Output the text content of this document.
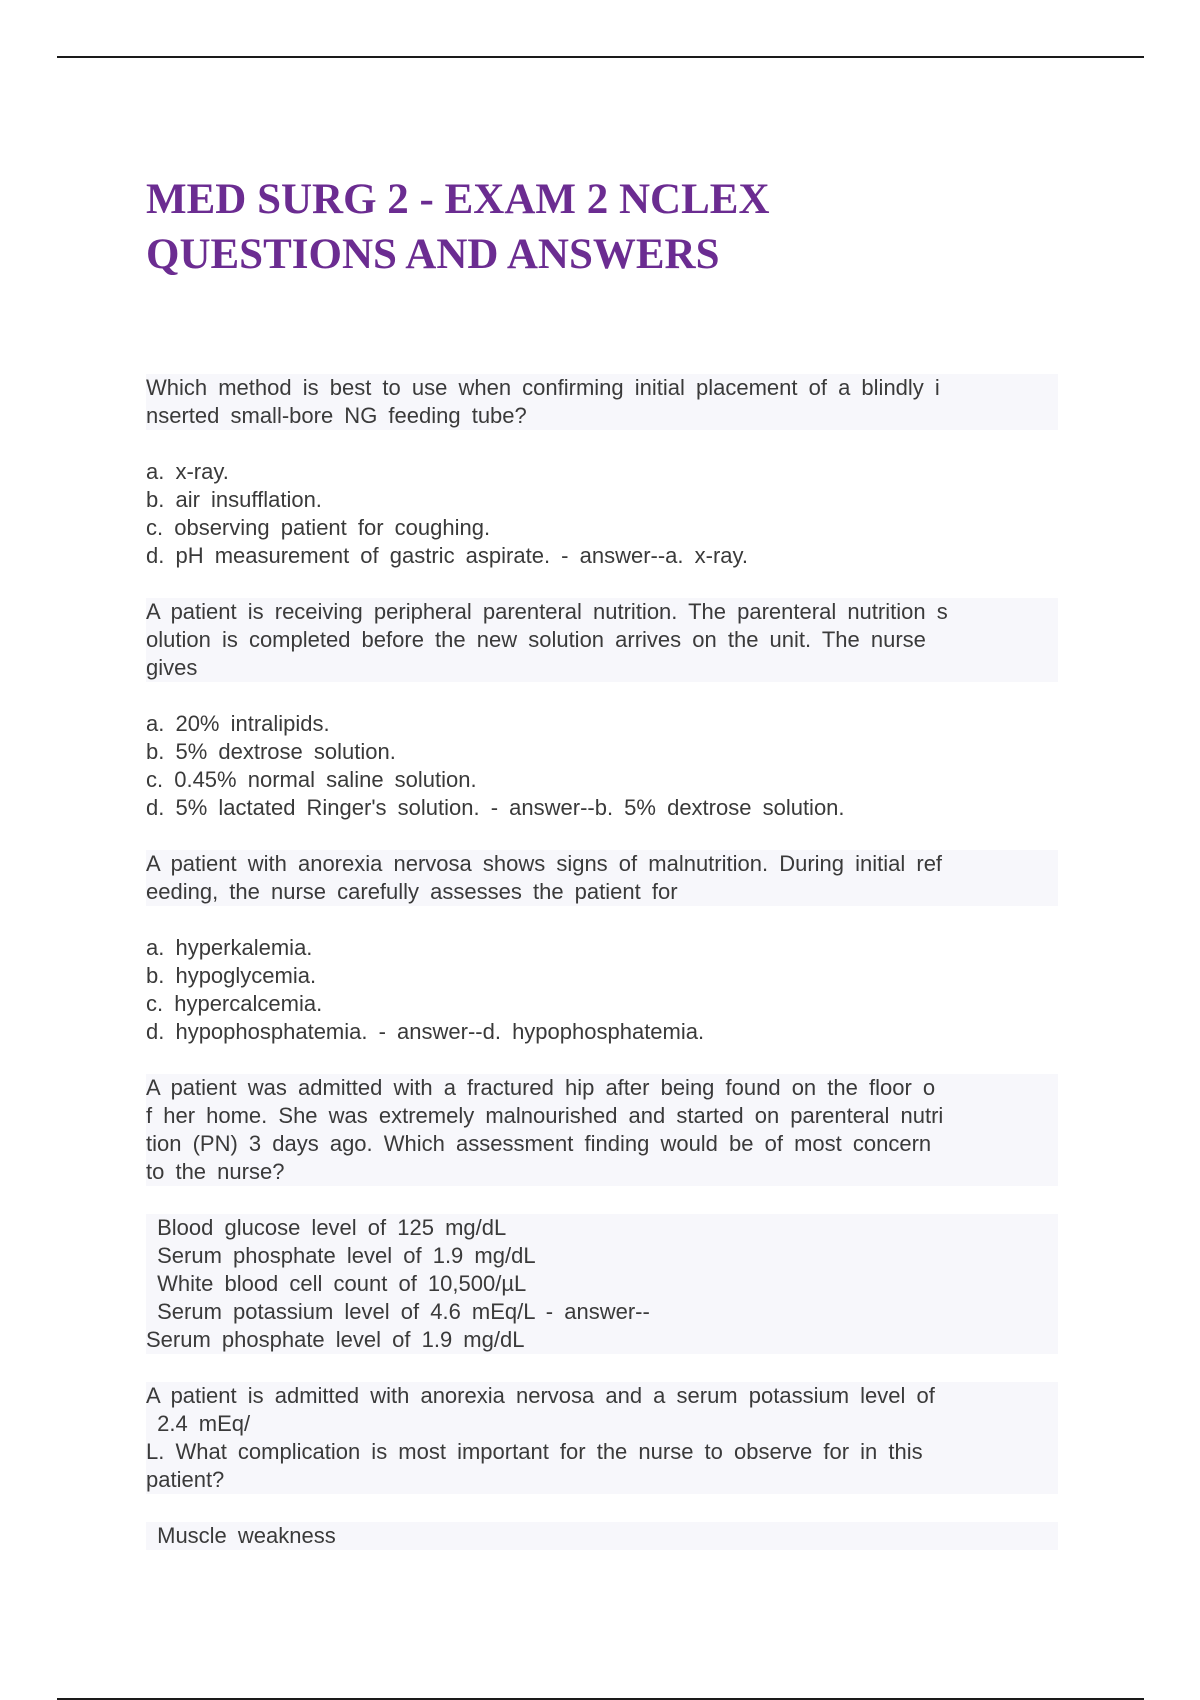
MED SURG 2 - EXAM 2 NCLEX
QUESTIONS AND ANSWERS
Which method is best to use when confirming initial placement of a blindly i
nserted small-bore NG feeding tube?
a. x-ray.
b. air insufflation.
c. observing patient for coughing.
d. pH measurement of gastric aspirate. - answer--a. x-ray.
A patient is receiving peripheral parenteral nutrition. The parenteral nutrition s
olution is completed before the new solution arrives on the unit. The nurse
gives
a. 20% intralipids.
b. 5% dextrose solution.
c. 0.45% normal saline solution.
d. 5% lactated Ringer's solution. - answer--b. 5% dextrose solution.
A patient with anorexia nervosa shows signs of malnutrition. During initial ref
eeding, the nurse carefully assesses the patient for
a. hyperkalemia.
b. hypoglycemia.
c. hypercalcemia.
d. hypophosphatemia. - answer--d. hypophosphatemia.
A patient was admitted with a fractured hip after being found on the floor o
f her home. She was extremely malnourished and started on parenteral nutri
tion (PN) 3 days ago. Which assessment finding would be of most concern
to the nurse?
Blood glucose level of 125 mg/dL
Serum phosphate level of 1.9 mg/dL
White blood cell count of 10,500/µL
Serum potassium level of 4.6 mEq/L - answer--
Serum phosphate level of 1.9 mg/dL
A patient is admitted with anorexia nervosa and a serum potassium level of
2.4 mEq/
L. What complication is most important for the nurse to observe for in this
patient?
Muscle weakness
